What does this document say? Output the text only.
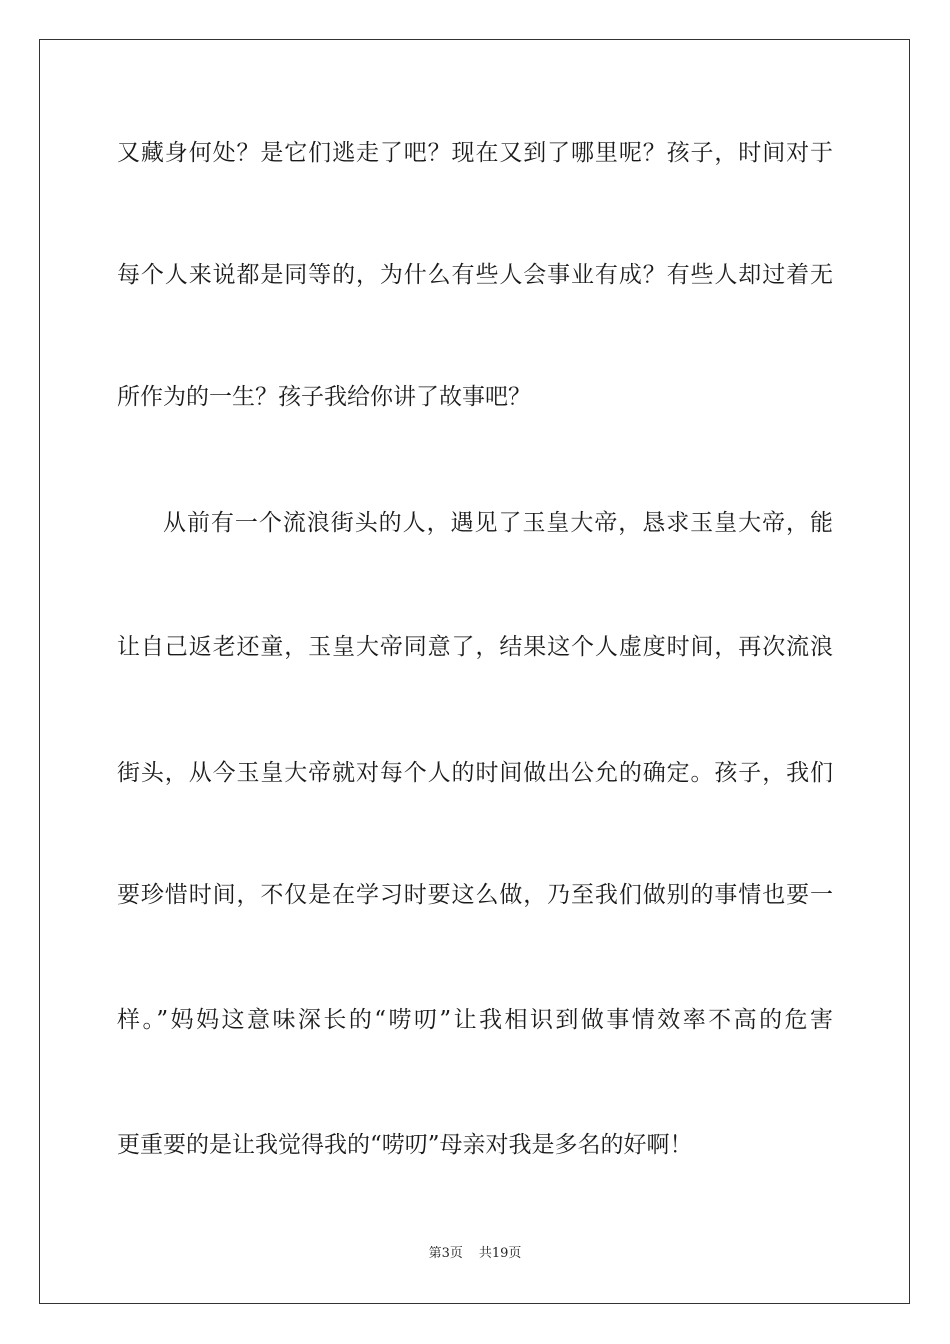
又藏身何处？是它们逃走了吧？现在又到了哪里呢？孩子，时间对于
每个人来说都是同等的，为什么有些人会事业有成？有些人却过着无
所作为的一生？孩子我给你讲了故事吧？
从前有一个流浪街头的人，遇见了玉皇大帝，恳求玉皇大帝，能
让自己返老还童，玉皇大帝同意了，结果这个人虚度时间，再次流浪
街头，从今玉皇大帝就对每个人的时间做出公允的确定。孩子，我们
要珍惜时间，不仅是在学习时要这么做，乃至我们做别的事情也要一
样。”妈妈这意味深长的“唠叨”让我相识到做事情效率不高的危害
更重要的是让我觉得我的“唠叨”母亲对我是多名的好啊！
第3页 共19页
